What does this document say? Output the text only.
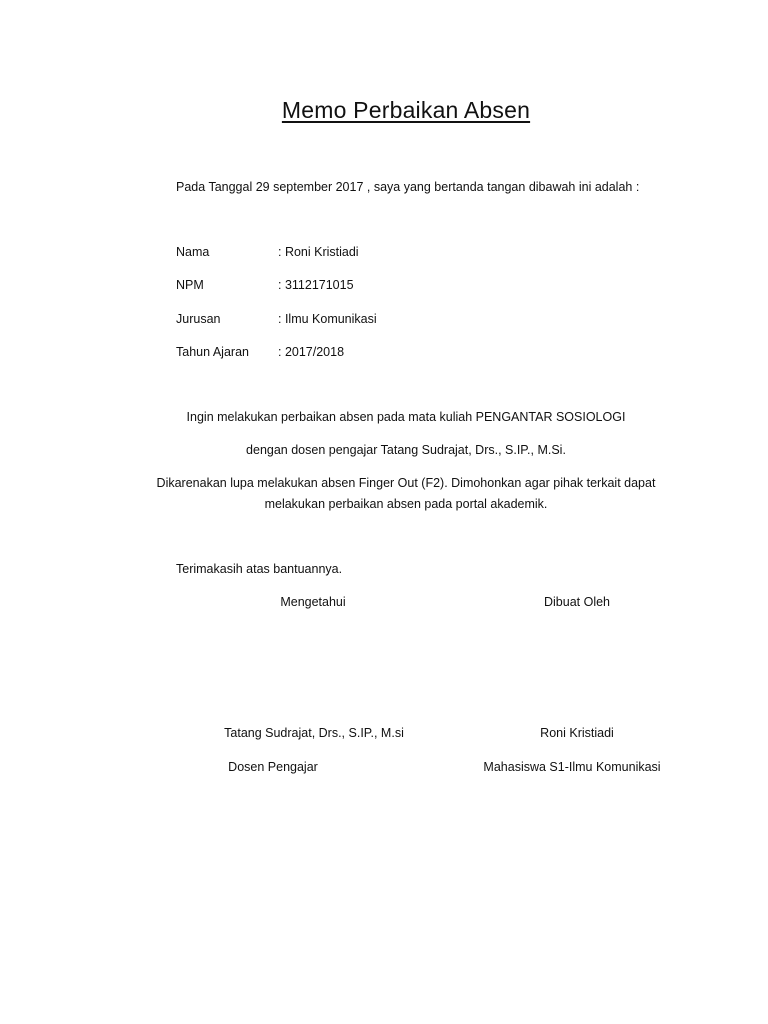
Memo Perbaikan Absen
Pada Tanggal 29 september 2017 , saya yang bertanda tangan dibawah ini adalah :
Nama	: Roni Kristiadi
NPM	: 3112171015
Jurusan	: Ilmu Komunikasi
Tahun Ajaran : 2017/2018
Ingin melakukan perbaikan absen pada mata kuliah PENGANTAR SOSIOLOGI
dengan dosen pengajar Tatang Sudrajat, Drs., S.IP., M.Si.
Dikarenakan lupa melakukan absen Finger Out (F2). Dimohonkan agar pihak terkait dapat
melakukan perbaikan absen pada portal akademik.
Terimakasih atas bantuannya.
Mengetahui	Dibuat Oleh
Tatang Sudrajat, Drs., S.IP., M.si	Roni Kristiadi
Dosen Pengajar	Mahasiswa S1-Ilmu Komunikasi
